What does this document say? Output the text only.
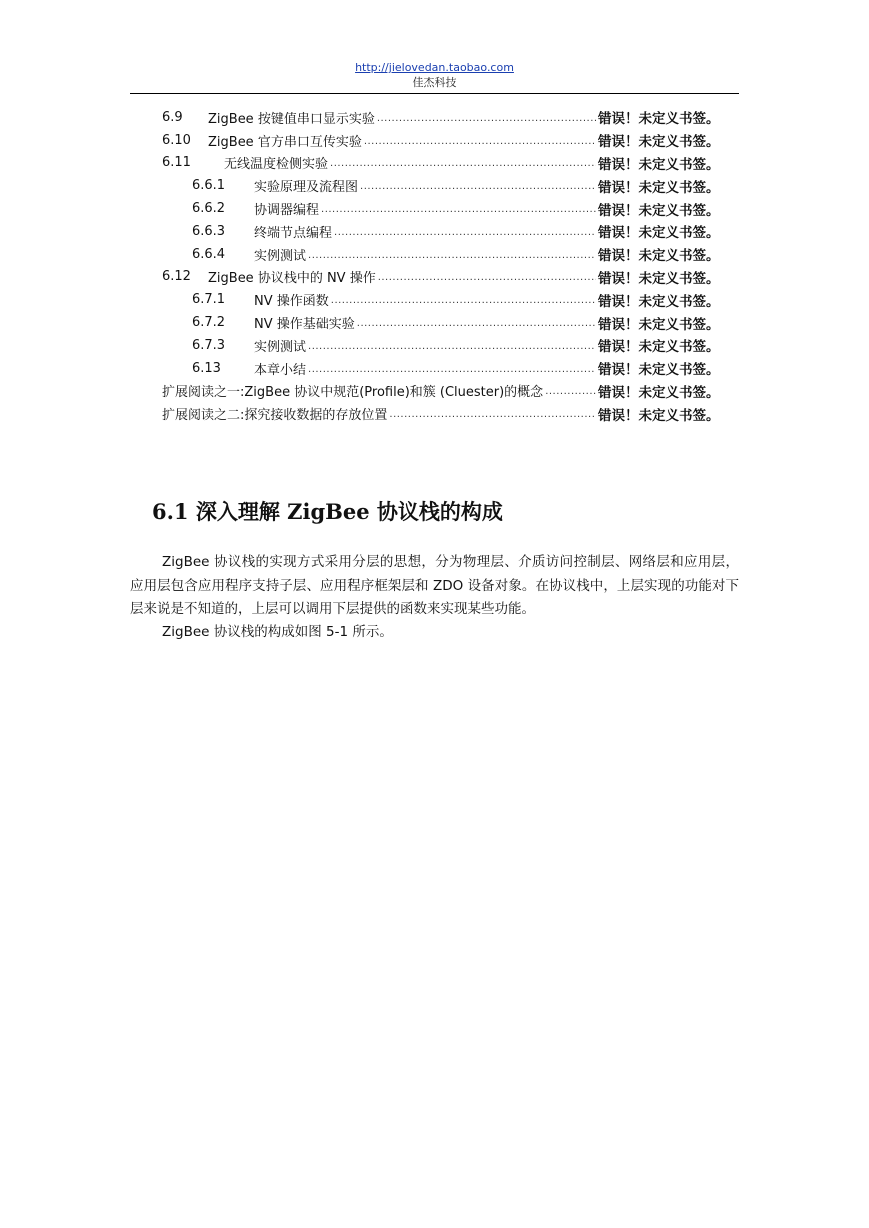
http://jielovedan.taobao.com
佳杰科技
6.9	ZigBee 按键值串口显示实验 .....	错误！未定义书签。
6.10	ZigBee 官方串口互传实验 .....	错误！未定义书签。
6.11	无线温度检侧实验 .....	错误！未定义书签。
6.6.1	实验原理及流程图 .....	错误！未定义书签。
6.6.2	协调器编程 .....	错误！未定义书签。
6.6.3	终端节点编程 .....	错误！未定义书签。
6.6.4	实例测试 .....	错误！未定义书签。
6.12	ZigBee 协议栈中的 NV 操作 .....	错误！未定义书签。
6.7.1	NV 操作函数 .....	错误！未定义书签。
6.7.2	NV 操作基础实验 .....	错误！未定义书签。
6.7.3	实例测试 .....	错误！未定义书签。
6.13	本章小结 .....	错误！未定义书签。
扩展阅读之一:ZigBee 协议中规范(Profile)和簇 (Cluester)的概念 .....	错误！未定义书签。
扩展阅读之二:探究接收数据的存放位置 .....	错误！未定义书签。
6.1 深入理解 ZigBee 协议栈的构成

ZigBee 协议栈的实现方式采用分层的思想，分为物理层、介质访问控制层、网络层和应用层，应用层包含应用程序支持子层、应用程序框架层和 ZDO 设备对象。在协议栈中，上层实现的功能对下层来说是不知道的，上层可以调用下层提供的函数来实现某些功能。

ZigBee 协议栈的构成如图 5-1 所示。
